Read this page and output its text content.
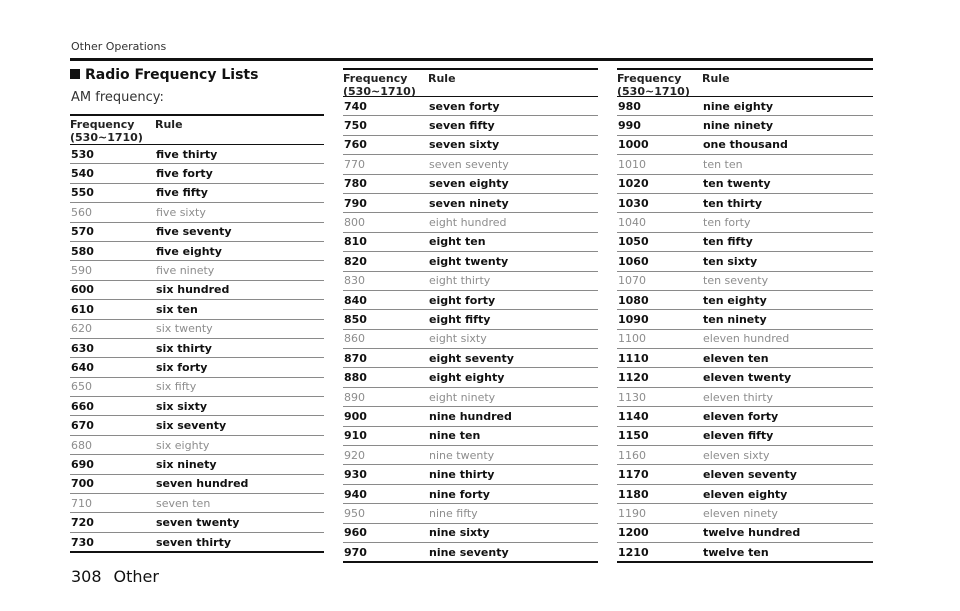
Other Operations
Radio Frequency Lists
AM frequency:
Frequency
(530~1710)
Rule
530	five thirty
540	five forty
550	five fifty
560	five sixty
570	five seventy
580	five eighty
590	five ninety
600	six hundred
610	six ten
620	six twenty
630	six thirty
640	six forty
650	six fifty
660	six sixty
670	six seventy
680	six eighty
690	six ninety
700	seven hundred
710	seven ten
720	seven twenty
730	seven thirty
Frequency
(530~1710)
Rule
740	seven forty
750	seven fifty
760	seven sixty
770	seven seventy
780	seven eighty
790	seven ninety
800	eight hundred
810	eight ten
820	eight twenty
830	eight thirty
840	eight forty
850	eight fifty
860	eight sixty
870	eight seventy
880	eight eighty
890	eight ninety
900	nine hundred
910	nine ten
920	nine twenty
930	nine thirty
940	nine forty
950	nine fifty
960	nine sixty
970	nine seventy
Frequency
(530~1710)
Rule
980	nine eighty
990	nine ninety
1000	one thousand
1010	ten ten
1020	ten twenty
1030	ten thirty
1040	ten forty
1050	ten fifty
1060	ten sixty
1070	ten seventy
1080	ten eighty
1090	ten ninety
1100	eleven hundred
1110	eleven ten
1120	eleven twenty
1130	eleven thirty
1140	eleven forty
1150	eleven fifty
1160	eleven sixty
1170	eleven seventy
1180	eleven eighty
1190	eleven ninety
1200	twelve hundred
1210	twelve ten
308 Other
